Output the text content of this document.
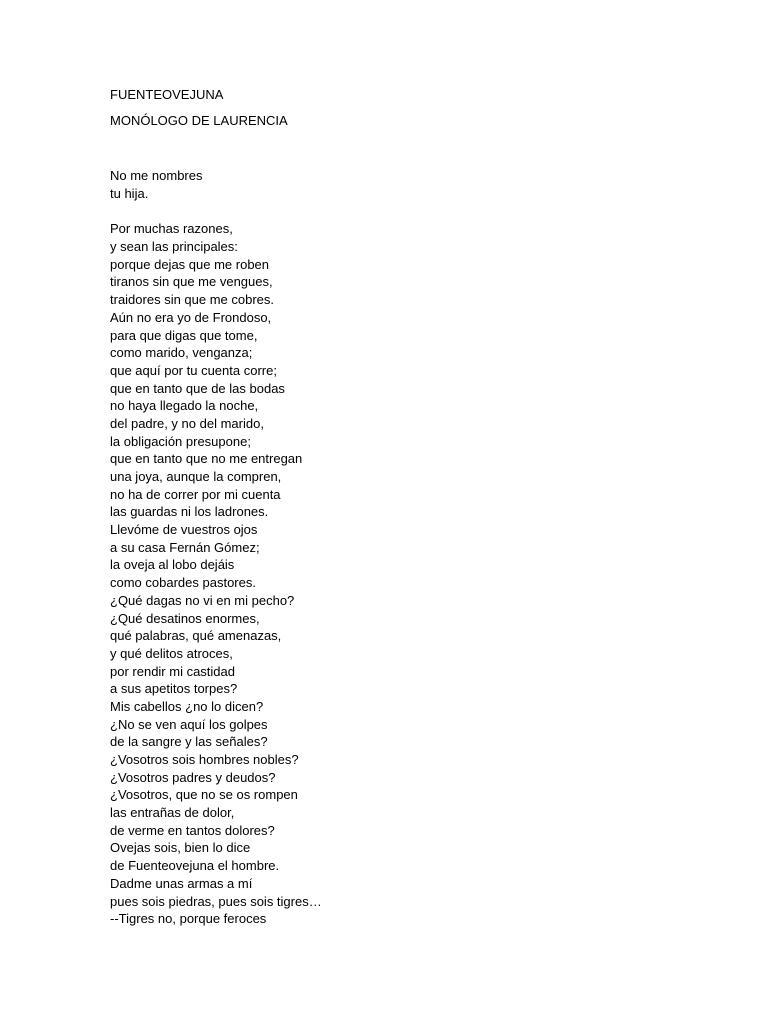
FUENTEOVEJUNA
MONÓLOGO DE LAURENCIA
No me nombres
tu hija.
Por muchas razones,
y sean las principales:
porque dejas que me roben
tiranos sin que me vengues,
traidores sin que me cobres.
Aún no era yo de Frondoso,
para que digas que tome,
como marido, venganza;
que aquí por tu cuenta corre;
que en tanto que de las bodas
no haya llegado la noche,
del padre, y no del marido,
la obligación presupone;
que en tanto que no me entregan
una joya, aunque la compren,
no ha de correr por mi cuenta
las guardas ni los ladrones.
Llevóme de vuestros ojos
a su casa Fernán Gómez;
la oveja al lobo dejáis
como cobardes pastores.
¿Qué dagas no vi en mi pecho?
¿Qué desatinos enormes,
qué palabras, qué amenazas,
y qué delitos atroces,
por rendir mi castidad
a sus apetitos torpes?
Mis cabellos ¿no lo dicen?
¿No se ven aquí los golpes
de la sangre y las señales?
¿Vosotros sois hombres nobles?
¿Vosotros padres y deudos?
¿Vosotros, que no se os rompen
las entrañas de dolor,
de verme en tantos dolores?
Ovejas sois, bien lo dice
de Fuenteovejuna el hombre.
Dadme unas armas a mí
pues sois piedras, pues sois tigres…
--Tigres no, porque feroces
